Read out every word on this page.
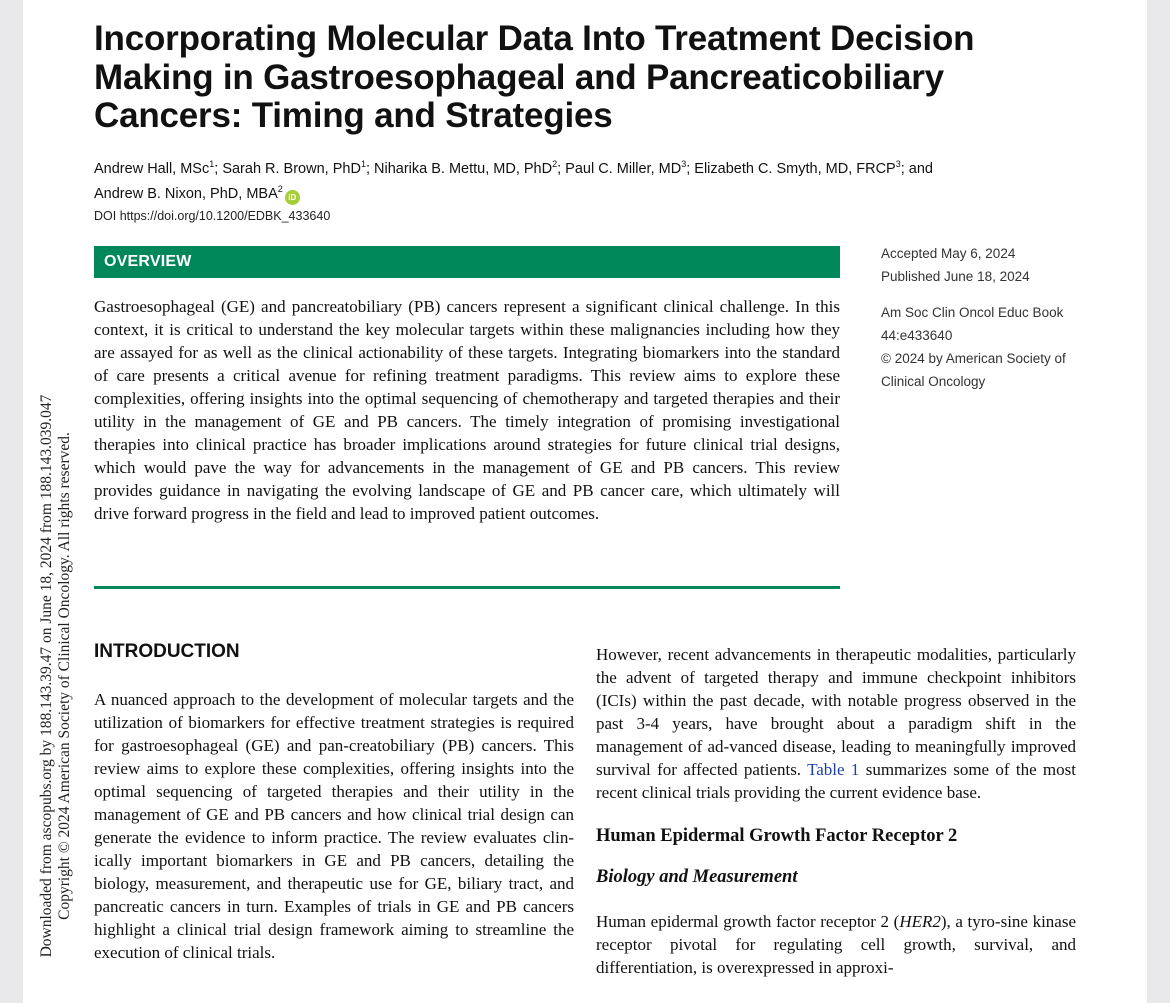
Downloaded from ascopubs.org by 188.143.39.47 on June 18, 2024 from 188.143.039.047 Copyright © 2024 American Society of Clinical Oncology. All rights reserved.
Incorporating Molecular Data Into Treatment Decision Making in Gastroesophageal and Pancreaticobiliary Cancers: Timing and Strategies
Andrew Hall, MSc$^1$; Sarah R. Brown, PhD$^1$; Niharika B. Mettu, MD, PhD$^2$; Paul C. Miller, $MD^3$; Elizabeth C. Smyth, MD, FRCP$^3$; and
Andrew B. Nixon, PhD, MBA$^2$iD
DOI https://doi.org/10.1200/EDBK_433640
OVERVIEW

Gastroesophageal (GE) and pancreatobiliary (PB) cancers represent a significant clinical challenge. In this context, it is critical to understand the key molecular targets within these malignancies including how they are assayed for as well as the clinical actionability of these targets. Integrating biomarkers into the standard of care presents a critical avenue for refining treatment paradigms. This review aims to explore these complexities, offering insights into the optimal sequencing of chemotherapy and targeted therapies and their utility in the management of GE and PB cancers. The timely integration of promising investigational therapies into clinical practice has broader implications around strategies for future clinical trial designs, which would pave the way for advancements in the management of GE and PB cancers. This review provides guidance in navigating the evolving landscape of GE and PB cancer care, which ultimately will drive forward progress in the field and lead to improved patient outcomes.

Accepted May 6, 2024
Published June 18, 2024
Am Soc Clin Oncol Educ Book 44:e433640
© 2024 by American Society of Clinical Oncology
INTRODUCTION

A nuanced approach to the development of molecular targets and the utilization of biomarkers for effective treatment strategies is required for gastroesophageal (GE) and pan-creatobiliary (PB) cancers. This review aims to explore these complexities, offering insights into the optimal sequencing of targeted therapies and their utility in the management of GE and PB cancers and how clinical trial design can generate the evidence to inform practice. The review evaluates clin-ically important biomarkers in GE and PB cancers, detailing the biology, measurement, and therapeutic use for GE, biliary tract, and pancreatic cancers in turn. Examples of trials in GE and PB cancers highlight a clinical trial design framework aiming to streamline the execution of clinical trials.

However, recent advancements in therapeutic modalities, particularly the advent of targeted therapy and immune checkpoint inhibitors (ICIs) within the past decade, with notable progress observed in the past 3-4 years, have brought about a paradigm shift in the management of ad-vanced disease, leading to meaningfully improved survival for affected patients. Table 1 summarizes some of the most recent clinical trials providing the current evidence base.

Human Epidermal Growth Factor Receptor 2
Biology and Measurement

Human epidermal growth factor receptor 2 (HER2), a tyro-sine kinase receptor pivotal for regulating cell growth, survival, and differentiation, is overexpressed in approxi-
